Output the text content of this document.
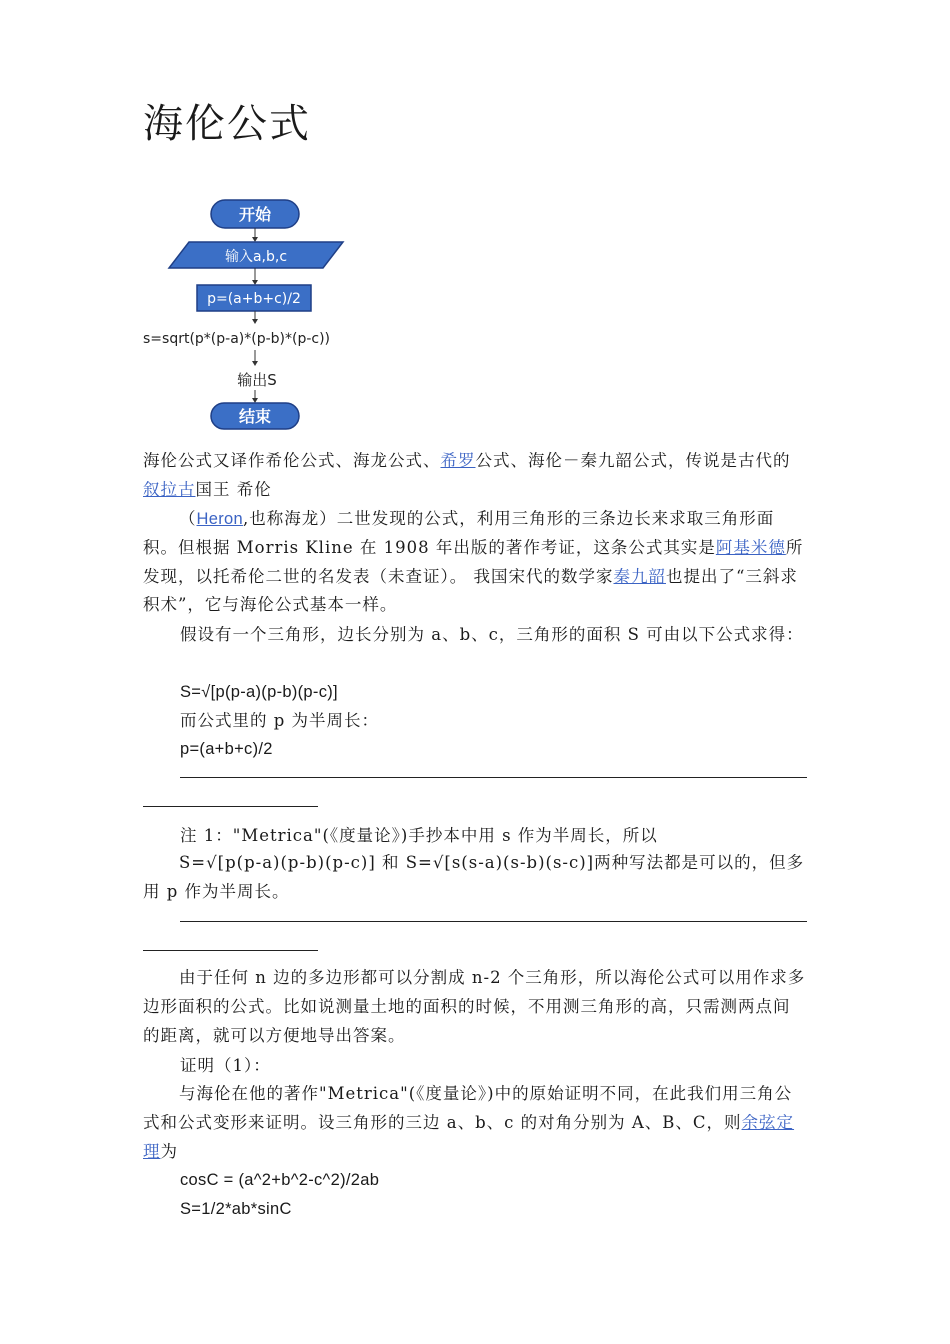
海伦公式
开始
输入a,b,c
p=(a+b+c)/2
s=sqrt(p*(p-a)*(p-b)*(p-c))
输出S
结束
海伦公式又译作希伦公式、海龙公式、希罗公式、海伦－秦九韶公式，传说是古代的
叙拉古国王 希伦
（Heron,也称海龙）二世发现的公式，利用三角形的三条边长来求取三角形面积。但根据 Morris Kline 在 1908 年出版的著作考证，这条公式其实是阿基米德所发现，以托希伦二世的名发表（未查证）。 我国宋代的数学家秦九韶也提出了“三斜求积术”，它与海伦公式基本一样。
假设有一个三角形，边长分别为 a、b、c，三角形的面积 S 可由以下公式求得：
S=√[p(p-a)(p-b)(p-c)]
而公式里的 p 为半周长：
p=(a+b+c)/2
注 1："Metrica"(《度量论》)手抄本中用 s 作为半周长，所以
S=√[p(p-a)(p-b)(p-c)] 和 S=√[s(s-a)(s-b)(s-c)]两种写法都是可以的，但多用 p 作为半周长。
由于任何 n 边的多边形都可以分割成 n-2 个三角形，所以海伦公式可以用作求多边形面积的公式。比如说测量土地的面积的时候，不用测三角形的高，只需测两点间的距离，就可以方便地导出答案。
证明（1）：
与海伦在他的著作"Metrica"(《度量论》)中的原始证明不同，在此我们用三角公式和公式变形来证明。设三角形的三边 a、b、c 的对角分别为 A、B、C，则余弦定理为
cosC = (a^2+b^2-c^2)/2ab
S=1/2*ab*sinC
